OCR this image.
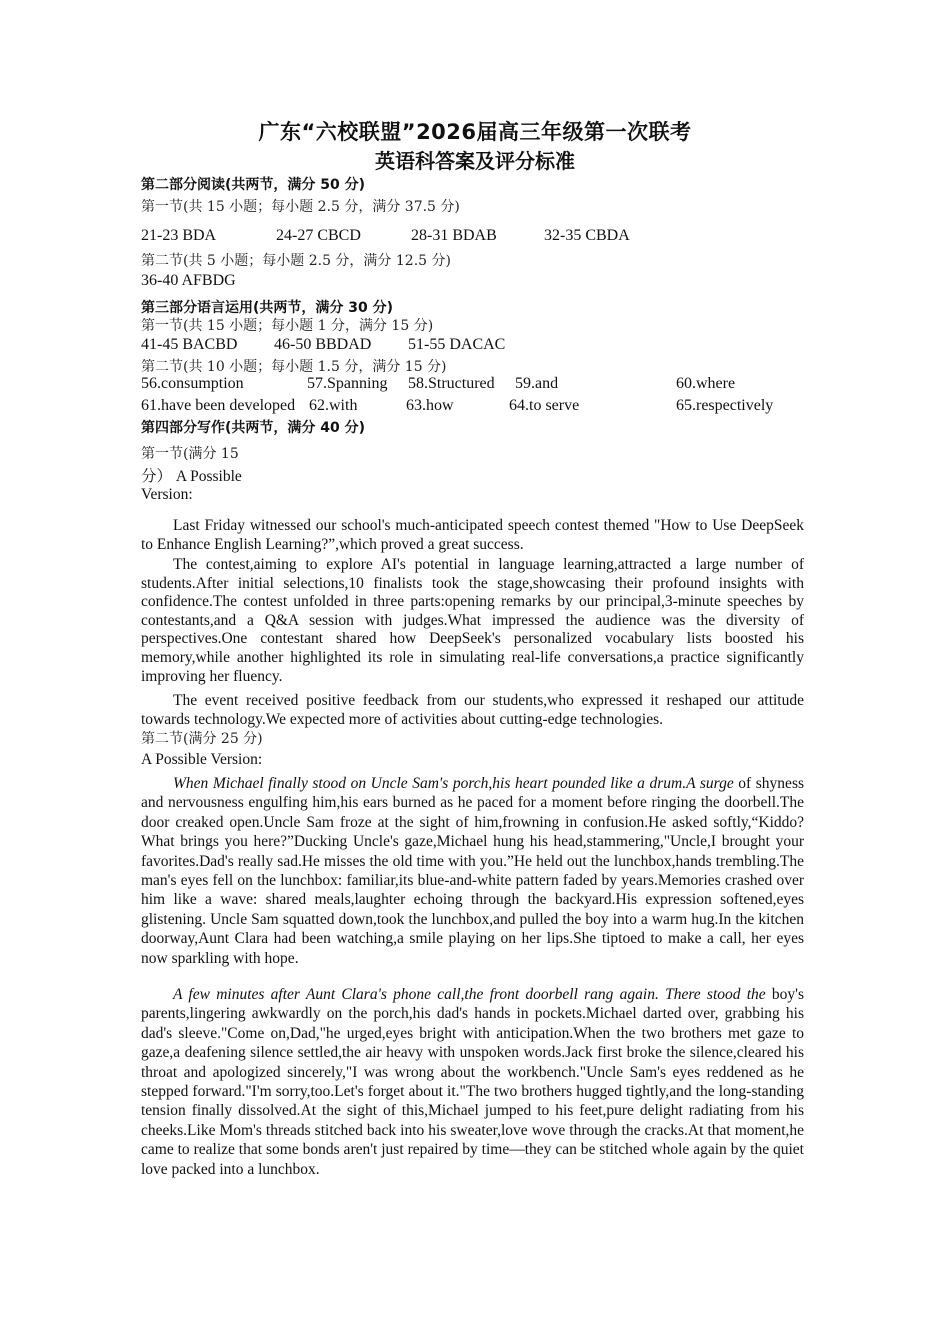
广东“六校联盟”2026届高三年级第一次联考
英语科答案及评分标准
第二部分阅读(共两节，满分 50 分)
第一节(共 15 小题；每小题 2.5 分，满分 37.5 分)
21-23 BDA	24-27 CBCD	28-31 BDAB	32-35 CBDA
第二节(共 5 小题；每小题 2.5 分，满分 12.5 分)
36-40 AFBDG
第三部分语言运用(共两节，满分 30 分)
第一节(共 15 小题；每小题 1 分，满分 15 分)
41-45 BACBD 46-50 BBDAD 51-55 DACAC
第二节(共 10 小题；每小题 1.5 分，满分 15 分)
56.consumption	57.Spanning 58.Structured 59.and	60.where
61.have been developed 62.with	63.how	64.to serve	65.respectively
第四部分写作(共两节，满分 40 分)
第一节(满分 15
分） A Possible
Version:
Last Friday witnessed our school's much-anticipated speech contest themed "How to Use DeepSeek to Enhance English Learning?”,which proved a great success.
The contest,aiming to explore AI's potential in language learning,attracted a large number of students.After initial selections,10 finalists took the stage,showcasing their profound insights with confidence.The contest unfolded in three parts:opening remarks by our principal,3-minute speeches by contestants,and a Q&A session with judges.What impressed the audience was the diversity of perspectives.One contestant shared how DeepSeek's personalized vocabulary lists boosted his memory,while another highlighted its role in simulating real-life conversations,a practice significantly improving her fluency.
The event received positive feedback from our students,who expressed it reshaped our attitude towards technology.We expected more of activities about cutting-edge technologies.
第二节(满分 25 分)
A Possible Version:
When Michael finally stood on Uncle Sam's porch,his heart pounded like a drum.A surge of shyness and nervousness engulfing him,his ears burned as he paced for a moment before ringing the doorbell.The door creaked open.Uncle Sam froze at the sight of him,frowning in confusion.He asked softly,“Kiddo?What brings you here?”Ducking Uncle's gaze,Michael hung his head,stammering,"Uncle,I brought your favorites.Dad's really sad.He misses the old time with you.”He held out the lunchbox,hands trembling.The man's eyes fell on the lunchbox: familiar,its blue-and-white pattern faded by years.Memories crashed over him like a wave: shared meals,laughter echoing through the backyard.His expression softened,eyes glistening. Uncle Sam squatted down,took the lunchbox,and pulled the boy into a warm hug.In the kitchen doorway,Aunt Clara had been watching,a smile playing on her lips.She tiptoed to make a call, her eyes now sparkling with hope.
A few minutes after Aunt Clara's phone call,the front doorbell rang again. There stood the boy's parents,lingering awkwardly on the porch,his dad's hands in pockets.Michael darted over, grabbing his dad's sleeve."Come on,Dad,"he urged,eyes bright with anticipation.When the two brothers met gaze to gaze,a deafening silence settled,the air heavy with unspoken words.Jack first broke the silence,cleared his throat and apologized sincerely,"I was wrong about the workbench."Uncle Sam's eyes reddened as he stepped forward."I'm sorry,too.Let's forget about it."The two brothers hugged tightly,and the long-standing tension finally dissolved.At the sight of this,Michael jumped to his feet,pure delight radiating from his cheeks.Like Mom's threads stitched back into his sweater,love wove through the cracks.At that moment,he came to realize that some bonds aren't just repaired by time—they can be stitched whole again by the quiet love packed into a lunchbox.
